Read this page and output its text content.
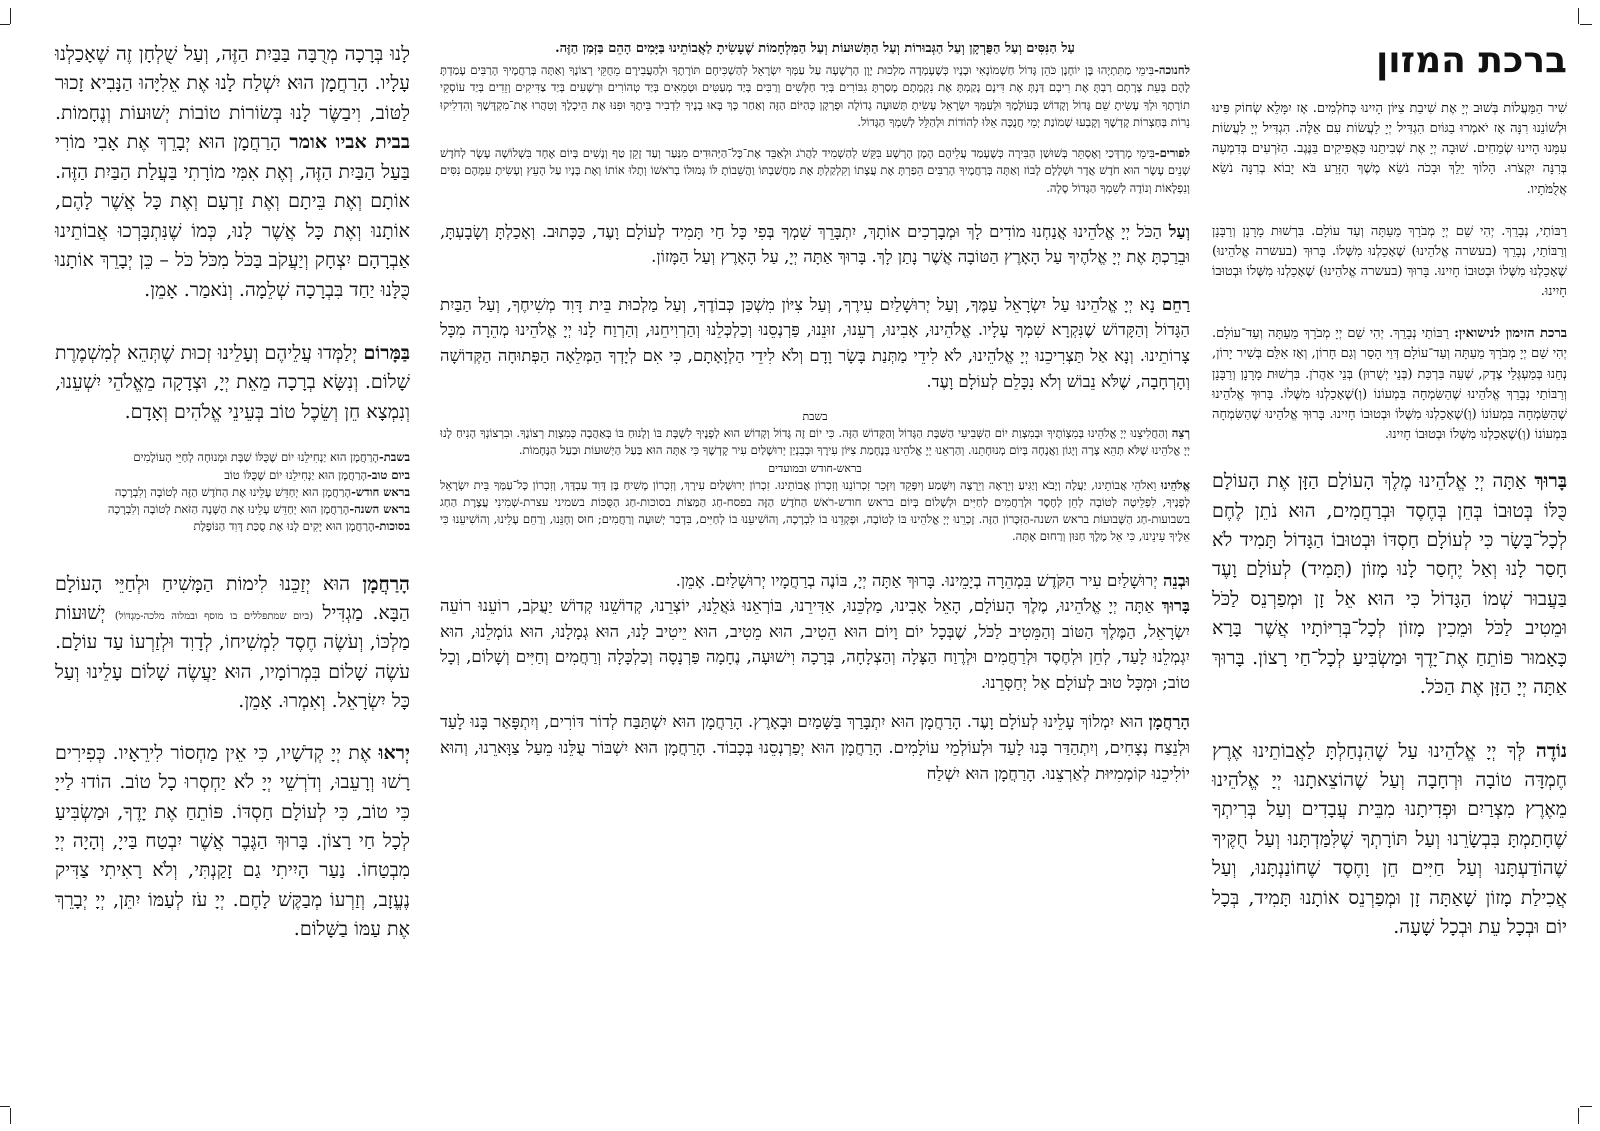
ברכת המזון

שִׁיר הַמַּעֲלוֹת בְּשׁוּב יְיָ אֶת שִׁיבַת צִיּוֹן הָיִינוּ כְּחֹלְמִים. אָז יִמָּלֵא שְׂחוֹק פִּינוּ וּלְשׁוֹנֵנוּ רִנָּה אָז יֹאמְרוּ בַגּוֹיִם הִגְדִּיל יְיָ לַעֲשׂוֹת עִם אֵלֶּה. הִגְדִּיל יְיָ לַעֲשׂוֹת עִמָּנוּ הָיִינוּ שְׂמֵחִים. שׁוּבָה יְיָ אֶת שְׁבִיתֵנוּ כַּאֲפִיקִים בַּנֶּגֶב. הַזֹּרְעִים בְּדִמְעָה בְּרִנָּה יִקְצֹרוּ. הָלוֹךְ יֵלֵךְ וּבָכֹה נֹשֵׂא מֶשֶׁךְ הַזָּרַע בֹּא יָבוֹא בְרִנָּה נֹשֵׂא אֲלֻמֹּתָיו.

רַבּוֹתַי, נְבָרֵךְ. יְהִי שֵׁם יְיָ מְבֹרָךְ מֵעַתָּה וְעַד עוֹלָם. בִּרְשׁוּת מָרָנָן וְרַבָּנָן וְרַבּוֹתַי, נְבָרֵךְ (בעשרה אֱלֹהֵינוּ) שֶׁאָכַלְנוּ מִשֶּׁלוֹ. בָּרוּךְ (בעשרה אֱלֹהֵינוּ) שֶׁאָכַלְנוּ מִשֶּׁלוֹ וּבְטוּבוֹ חָיִינוּ. בָּרוּךְ (בעשרה אֱלֹהֵינוּ) שֶׁאָכַלְנוּ מִשֶּׁלוֹ וּבְטוּבוֹ חָיִינוּ.

ברכת הזימון לנישואין: רַבּוֹתַי נְבָרֵךְ. יְהִי שֵׁם יְיָ מְבֹרָךְ מֵעַתָּה וְעַד־עוֹלָם. יְהִי שֵׁם יְיָ מְבֹרָךְ מֵעַתָּה וְעַד־עוֹלָם דְּוַי הָסֵר וְגַם חָרוֹן, וְאָז אִלֵּם בְּשִׁיר יָרוֹן, נְחֵנוּ בְּמַעְגְּלֵי צֶדֶק, שְׁעֵה בִּרְכַּת (בְּנֵי יְשֻׁרוּן) בְּנֵי אַהֲרֹן. בִּרְשׁוּת מָרָנָן וְרַבָּנָן וְרַבּוֹתַי נְבָרֵךְ אֱלֹהֵינוּ שֶׁהַשִּׂמְחָה בִּמְעוֹנוֹ (וְ)שֶׁאָכַלְנוּ מִשֶּׁלוֹ. בָּרוּךְ אֱלֹהֵינוּ שֶׁהַשִּׂמְחָה בִּמְעוֹנוֹ (וְ)שֶׁאָכַלְנוּ מִשֶּׁלוֹ וּבְטוּבוֹ חָיִינוּ. בָּרוּךְ אֱלֹהֵינוּ שֶׁהַשִּׂמְחָה בִּמְעוֹנוֹ (וְ)שֶׁאָכַלְנוּ מִשֶּׁלוֹ וּבְטוּבוֹ חָיִינוּ.

בָּרוּךְ אַתָּה יְיָ אֱלֹהֵינוּ מֶלֶךְ הָעוֹלָם הַזָּן אֶת הָעוֹלָם כֻּלּוֹ בְּטוּבוֹ בְּחֵן בְּחֶסֶד וּבְרַחֲמִים, הוּא נֹתֵן לֶחֶם לְכָל־בָּשָׂר כִּי לְעוֹלָם חַסְדּוֹ וּבְטוּבוֹ הַגָּדוֹל תָּמִיד לֹא חָסַר לָנוּ וְאַל יֶחְסַר לָנוּ מָזוֹן (תָּמִיד) לְעוֹלָם וָעֶד בַּעֲבוּר שְׁמוֹ הַגָּדוֹל כִּי הוּא אֵל זָן וּמְפַרְנֵס לַכֹּל וּמֵטִיב לַכֹּל וּמֵכִין מָזוֹן לְכָל־בְּרִיּוֹתָיו אֲשֶׁר בָּרָא כָּאָמוּר פּוֹתֵחַ אֶת־יָדֶךָ וּמַשְׂבִּיעַ לְכָל־חַי רָצוֹן. בָּרוּךְ אַתָּה יְיָ הַזָּן אֶת הַכֹּל.

נוֹדֶה לְּךָ יְיָ אֱלֹהֵינוּ עַל שֶׁהִנְחַלְתָּ לַאֲבוֹתֵינוּ אֶרֶץ חֶמְדָּה טוֹבָה וּרְחָבָה וְעַל שֶׁהוֹצֵאתָנוּ יְיָ אֱלֹהֵינוּ מֵאֶרֶץ מִצְרַיִם וּפְדִיתָנוּ מִבֵּית עֲבָדִים וְעַל בְּרִיתְךָ שֶׁחָתַמְתָּ בִּבְשָׂרֵנוּ וְעַל תּוֹרָתְךָ שֶׁלִּמַּדְתָּנוּ וְעַל חֻקֶּיךָ שֶׁהוֹדַעְתָּנוּ וְעַל חַיִּים חֵן וָחֶסֶד שֶׁחוֹנַנְתָּנוּ, וְעַל אֲכִילַת מָזוֹן שָׁאַתָּה זָן וּמְפַרְנֵס אוֹתָנוּ תָּמִיד, בְּכָל יוֹם וּבְכָל עֵת וּבְכָל שָׁעָה.

עַל הַנִּסִּים וְעַל הַפֻּרְקָן וְעַל הַגְּבוּרוֹת וְעַל הַתְּשׁוּעוֹת וְעַל הַמִּלְחָמוֹת שֶׁעָשִׂיתָ לַאֲבוֹתֵינוּ בַּיָּמִים הָהֵם בַּזְּמַן הַזֶּה.

לחנוכה-בִּימֵי מַתִּתְיָהוּ בֶּן יוֹחָנָן כֹּהֵן גָּדוֹל חַשְׁמוֹנָאִי וּבָנָיו כְּשֶׁעָמְדָה מַלְכוּת יָוָן הָרְשָׁעָה עַל עַמְּךָ יִשְׂרָאֵל לְהַשְׁכִּיחָם תּוֹרָתֶךָ וּלְהַעֲבִירָם מֵחֻקֵּי רְצוֹנֶךָ וְאַתָּה בְּרַחֲמֶיךָ הָרַבִּים עָמַדְתָּ לָהֶם בְּעֵת צָרָתָם רַבְתָּ אֶת רִיבָם דַּנְתָּ אֶת דִּינָם נָקַמְתָּ אֶת נִקְמָתָם מָסַרְתָּ גִבּוֹרִים בְּיַד חַלָּשִׁים וְרַבִּים בְּיַד מְעַטִּים וּטְמֵאִים בְּיַד טְהוֹרִים וּרְשָׁעִים בְּיַד צַדִּיקִים וְזֵדִים בְּיַד עוֹסְקֵי תוֹרָתֶךָ וּלְךָ עָשִׂיתָ שֵׁם גָּדוֹל וְקָדוֹשׁ בְּעוֹלָמֶךָ וּלְעַמְּךָ יִשְׂרָאֵל עָשִׂיתָ תְּשׁוּעָה גְדוֹלָה וּפֻרְקָן כְּהַיּוֹם הַזֶּה וְאַחַר כָּךְ בָּאוּ בָנֶיךָ לִדְבִיר בֵּיתֶךָ וּפִנּוּ אֶת הֵיכָלֶךָ וְטִהֲרוּ אֶת־מִקְדָּשֶׁךָ וְהִדְלִיקוּ נֵרוֹת בְּחַצְרוֹת קָדְשֶׁךָ וְקָבְעוּ שְׁמוֹנַת יְמֵי חֲנֻכָּה אֵלּוּ לְהוֹדוֹת וּלְהַלֵּל לְשִׁמְךָ הַגָּדוֹל.

לפורים-בִּימֵי מָרְדְּכַי וְאֶסְתֵּר בְּשׁוּשַׁן הַבִּירָה כְּשֶׁעָמַד עֲלֵיהֶם הָמָן הָרָשָׁע בִּקֵּשׁ לְהַשְׁמִיד לַהֲרֹג וּלְאַבֵּד אֶת־כָּל־הַיְּהוּדִים מִנַּעַר וְעַד זָקֵן טַף וְנָשִׁים בְּיוֹם אֶחָד בִּשְׁלוֹשָׁה עָשָׂר לְחֹדֶשׁ שְׁנֵים עָשָׂר הוּא חֹדֶשׁ אֲדָר וּשְׁלָלָם לָבוֹז וְאַתָּה בְּרַחֲמֶיךָ הָרַבִּים הֵפַרְתָּ אֶת עֲצָתוֹ וְקִלְקַלְתָּ אֶת מַחֲשַׁבְתּוֹ וַהֲשֵׁבוֹתָ לּוֹ גְּמוּלוֹ בְרֹאשׁוֹ וְתָלוּ אוֹתוֹ וְאֶת בָּנָיו עַל הָעֵץ וְעָשִׂיתָ עִמָּהֶם נִסִּים וְנִפְלָאוֹת וְנוֹדֶה לְשִׁמְךָ הַגָּדוֹל סֶלָה.

וְעַל הַכֹּל יְיָ אֱלֹהֵינוּ אֲנַחְנוּ מוֹדִים לָךְ וּמְבָרְכִים אוֹתָךְ, יִתְבָּרֵךְ שִׁמְךָ בְּפִי כָּל חַי תָּמִיד לְעוֹלָם וָעֶד, כַּכָּתוּב. וְאָכַלְתָּ וְשָׂבָעְתָּ, וּבֵרַכְתָּ אֶת יְיָ אֱלֹהֶיךָ עַל הָאָרֶץ הַטּוֹבָה אֲשֶׁר נָתַן לָךְ. בָּרוּךְ אַתָּה יְיָ, עַל הָאָרֶץ וְעַל הַמָּזוֹן.

רַחֵם נָא יְיָ אֱלֹהֵינוּ עַל יִשְׂרָאֵל עַמֶּךָ, וְעַל יְרוּשָׁלַיִם עִירֶךָ, וְעַל צִיּוֹן מִשְׁכַּן כְּבוֹדֶךָ, וְעַל מַלְכוּת בֵּית דָּוִד מְשִׁיחֶךָ, וְעַל הַבַּיִת הַגָּדוֹל וְהַקָּדוֹשׁ שֶׁנִּקְרָא שִׁמְךָ עָלָיו. אֱלֹהֵינוּ, אָבִינוּ, רְעֵנוּ, זוּנֵנוּ, פַּרְנְסֵנוּ וְכַלְכְּלֵנוּ וְהַרְוִיחֵנוּ, וְהַרְוַח לָנוּ יְיָ אֱלֹהֵינוּ מְהֵרָה מִכָּל צָרוֹתֵינוּ. וְנָא אַל תַּצְרִיכֵנוּ יְיָ אֱלֹהֵינוּ, לֹא לִידֵי מַתְּנַת בָּשָׂר וָדָם וְלֹא לִידֵי הַלְוָאָתָם, כִּי אִם לְיָדְךָ הַמְּלֵאָה הַפְּתוּחָה הַקְּדוֹשָׁה וְהָרְחָבָה, שֶׁלֹּא נֵבוֹשׁ וְלֹא נִכָּלֵם לְעוֹלָם וָעֶד.

בשבת

רְצֵה וְהַחֲלִיצֵנוּ יְיָ אֱלֹהֵינוּ בְּמִצְוֹתֶיךָ וּבְמִצְוַת יוֹם הַשְּׁבִיעִי הַשַּׁבָּת הַגָּדוֹל וְהַקָּדוֹשׁ הַזֶּה. כִּי יוֹם זֶה גָּדוֹל וְקָדוֹשׁ הוּא לְפָנֶיךָ לִשְׁבָּת בּוֹ וְלָנוּחַ בּוֹ בְּאַהֲבָה כְּמִצְוַת רְצוֹנֶךָ. וּבִרְצוֹנְךָ הָנִיחַ לָנוּ יְיָ אֱלֹהֵינוּ שֶׁלֹּא תְהֵא צָרָה וְיָגוֹן וַאֲנָחָה בְּיוֹם מְנוּחָתֵנוּ. וְהַרְאֵנוּ יְיָ אֱלֹהֵינוּ בְּנֶחָמַת צִיּוֹן עִירֶךָ וּבְבִנְיַן יְרוּשָׁלַיִם עִיר קָדְשֶׁךָ כִּי אַתָּה הוּא בַּעַל הַיְשׁוּעוֹת וּבַעַל הַנֶּחָמוֹת.

בראש-חודש ובמועדים

אֱלֹהֵינוּ וֵאלֹהֵי אֲבוֹתֵינוּ, יַעֲלֶה וְיָבֹא וְיַגִּיעַ וְיֵרָאֶה וְיֵרָצֶה וְיִשָּׁמַע וְיִפָּקֵד וְיִזָּכֵר זִכְרוֹנֵנוּ וְזִכְרוֹן אֲבוֹתֵינוּ. זִכְרוֹן יְרוּשָׁלַיִם עִירָךְ, וְזִכְרוֹן מָשִׁיחַ בֶּן דָּוִד עַבְדָּךְ, וְזִכְרוֹן כָּל־עַמְּךָ בֵּית יִשְׂרָאֵל לְפָנֶיךָ, לִפְלֵיטָה לְטוֹבָה לְחֵן לְחֶסֶד וּלְרַחֲמִים לְחַיִּים וּלְשָׁלוֹם בְּיוֹם בראש חודש-רֹאשׁ הַחֹדֶשׁ הַזֶּה בפסח-חַג הַמַּצּוֹת בסוכות-חַג הַסֻּכּוֹת בשמיני עצרת-שְׁמִינִי עֲצֶרֶת הַחַג בשבועות-חַג הַשָּׁבוּעוֹת בראש השנה-הַזִּכָּרוֹן הַזֶּה. זָכְרֵנוּ יְיָ אֱלֹהֵינוּ בּוֹ לְטוֹבָה, וּפָקְדֵנוּ בוֹ לִבְרָכָה, וְהוֹשִׁיעֵנוּ בוֹ לְחַיִּים, בִּדְבַר יְשׁוּעָה וְרַחֲמִים; חוּס וְחָנֵּנוּ, וְרַחֵם עָלֵינוּ, וְהוֹשִׁיעֵנוּ כִּי אֵלֶיךָ עֵינֵינוּ, כִּי אֵל מֶלֶךְ חַנּוּן וְרַחוּם אָתָּה.

וּבְנֵה יְרוּשָׁלַיִם עִיר הַקֹּדֶשׁ בִּמְהֵרָה בְיָמֵינוּ. בָּרוּךְ אַתָּה יְיָ, בּוֹנֶה בְרַחֲמָיו יְרוּשָׁלַיִם. אָמֵן.

בָּרוּךְ אַתָּה יְיָ אֱלֹהֵינוּ, מֶלֶךְ הָעוֹלָם, הָאֵל אָבִינוּ, מַלְכֵּנוּ, אַדִּירֵנוּ, בּוֹרְאֵנוּ גֹּאֲלֵנוּ, יוֹצְרֵנוּ, קְדוֹשֵׁנוּ קְדוֹשׁ יַעֲקֹב, רוֹעֵנוּ רוֹעֵה יִשְׂרָאֵל, הַמֶּלֶךְ הַטּוֹב וְהַמֵּטִיב לַכֹּל, שֶׁבְּכָל יוֹם וָיוֹם הוּא הֵטִיב, הוּא מֵטִיב, הוּא יֵיטִיב לָנוּ, הוּא גְמָלָנוּ, הוּא גוֹמְלֵנוּ, הוּא יִגְמְלֵנוּ לָעַד, לְחֵן וּלְחֶסֶד וּלְרַחֲמִים וּלְרֶוַח הַצָּלָה וְהַצְלָחָה, בְּרָכָה וִישׁוּעָה, נֶחָמָה פַּרְנָסָה וְכַלְכָּלָה וְרַחֲמִים וְחַיִּים וְשָׁלוֹם, וְכָל טוֹב; וּמִכָּל טוּב לְעוֹלָם אַל יְחַסְּרֵנוּ.

הָרַחֲמָן הוּא יִמְלוֹךְ עָלֵינוּ לְעוֹלָם וָעֶד. הָרַחֲמָן הוּא יִתְבָּרַךְ בַּשָּׁמַיִם וּבָאָרֶץ. הָרַחֲמָן הוּא יִשְׁתַּבַּח לְדוֹר דּוֹרִים, וְיִתְפָּאַר בָּנוּ לָעַד וּלְנֵצַח נְצָחִים, וְיִתְהַדַּר בָּנוּ לָעַד וּלְעוֹלְמֵי עוֹלָמִים. הָרַחֲמָן הוּא יְפַרְנְסֵנוּ בְּכָבוֹד. הָרַחֲמָן הוּא יִשְׁבּוֹר עֻלֵּנוּ מֵעַל צַוָּארֵנוּ, וְהוּא יוֹלִיכֵנוּ קוֹמְמִיּוּת לְאַרְצֵנוּ. הָרַחֲמָן הוּא יִשְׁלַח

לָנוּ בְּרָכָה מְרֻבָּה בַּבַּיִת הַזֶּה, וְעַל שֻׁלְחָן זֶה שֶׁאָכַלְנוּ עָלָיו. הָרַחֲמָן הוּא יִשְׁלַח לָנוּ אֶת אֵלִיָּהוּ הַנָּבִיא זָכוּר לַטּוֹב, וִיבַשֶּׂר לָנוּ בְּשׂוֹרוֹת טוֹבוֹת יְשׁוּעוֹת וְנֶחָמוֹת. בבית אביו אומר הָרַחֲמָן הוּא יְבָרֵךְ אֶת אָבִי מוֹרִי בַּעַל הַבַּיִת הַזֶּה, וְאֶת אִמִּי מוֹרָתִי בַּעֲלַת הַבַּיִת הַזֶּה. אוֹתָם וְאֶת בֵּיתָם וְאֶת זַרְעָם וְאֶת כָּל אֲשֶׁר לָהֶם, אוֹתָנוּ וְאֶת כָּל אֲשֶׁר לָנוּ, כְּמוֹ שֶׁנִּתְבָּרְכוּ אֲבוֹתֵינוּ אַבְרָהָם יִצְחָק וְיַעֲקֹב בַּכֹּל מִכֹּל כֹּל – כֵּן יְבָרֵךְ אוֹתָנוּ כֻּלָּנוּ יַחַד בִּבְרָכָה שְׁלֵמָה. וְנֹאמַר. אָמֵן.

בַּמָּרוֹם יְלַמְּדוּ עֲלֵיהֶם וְעָלֵינוּ זְכוּת שֶׁתְּהֵא לְמִשְׁמֶרֶת שָׁלוֹם. וְנִשָּׂא בְרָכָה מֵאֵת יְיָ, וּצְדָקָה מֵאֱלֹהֵי יִשְׁעֵנוּ, וְנִמְצָא חֵן וְשֵׂכֶל טוֹב בְּעֵינֵי אֱלֹהִים וְאָדָם.

בשבת-הָרַחֲמָן הוּא יַנְחִילֵנוּ יוֹם שֶׁכֻּלּוֹ שַׁבָּת וּמְנוּחָה לְחַיֵּי הָעוֹלָמִים

ביום טוב-הָרַחֲמָן הוּא יַנְחִילֵנוּ יוֹם שֶׁכֻּלּוֹ טוֹב

בראש חודש-הָרַחֲמָן הוּא יְחַדֵּשׁ עָלֵינוּ אֶת הַחֹדֶשׁ הַזֶּה לְטוֹבָה וְלִבְרָכָה

בראש השנה-הָרַחֲמָן הוּא יְחַדֵּשׁ עָלֵינוּ אֶת הַשָּׁנָה הַזֹּאת לְטוֹבָה וְלִבְרָכָה

בסוכות-הָרַחֲמָן הוּא יָקִים לָנוּ אֶת סֻכַּת דָּוִד הַנּוֹפֶלֶת

הָרַחֲמָן הוּא יְזַכֵּנוּ לִימוֹת הַמָּשִׁיחַ וּלְחַיֵּי הָעוֹלָם הַבָּא. מַגְדִּיל (ביום שמתפללים בו מוסף ובמלוה מלכה-מִגְדּוֹל) יְשׁוּעוֹת מַלְכּוֹ, וְעֹשֶׂה חֶסֶד לִמְשִׁיחוֹ, לְדָוִד וּלְזַרְעוֹ עַד עוֹלָם. עֹשֶׂה שָׁלוֹם בִּמְרוֹמָיו, הוּא יַעֲשֶׂה שָׁלוֹם עָלֵינוּ וְעַל כָּל יִשְׂרָאֵל. וְאִמְרוּ. אָמֵן.

יְראוּ אֶת יְיָ קְדֹשָׁיו, כִּי אֵין מַחְסוֹר לִירֵאָיו. כְּפִירִים רָשׁוּ וְרָעֵבוּ, וְדֹרְשֵׁי יְיָ לֹא יַחְסְרוּ כָל טוֹב. הוֹדוּ לַייָ כִּי טוֹב, כִּי לְעוֹלָם חַסְדּוֹ. פּוֹתֵחַ אֶת יָדֶךָ, וּמַשְׂבִּיעַ לְכָל חַי רָצוֹן. בָּרוּךְ הַגֶּבֶר אֲשֶׁר יִבְטַח בַּייָ, וְהָיָה יְיָ מִבְטַחוֹ. נַעַר הָיִיתִי גַם זָקַנְתִּי, וְלֹא רָאִיתִי צַדִּיק נֶעֱזָב, וְזַרְעוֹ מְבַקֶּשׁ לָחֶם. יְיָ עֹז לְעַמּוֹ יִתֵּן, יְיָ יְבָרֵךְ אֶת עַמּוֹ בַשָּׁלוֹם.
